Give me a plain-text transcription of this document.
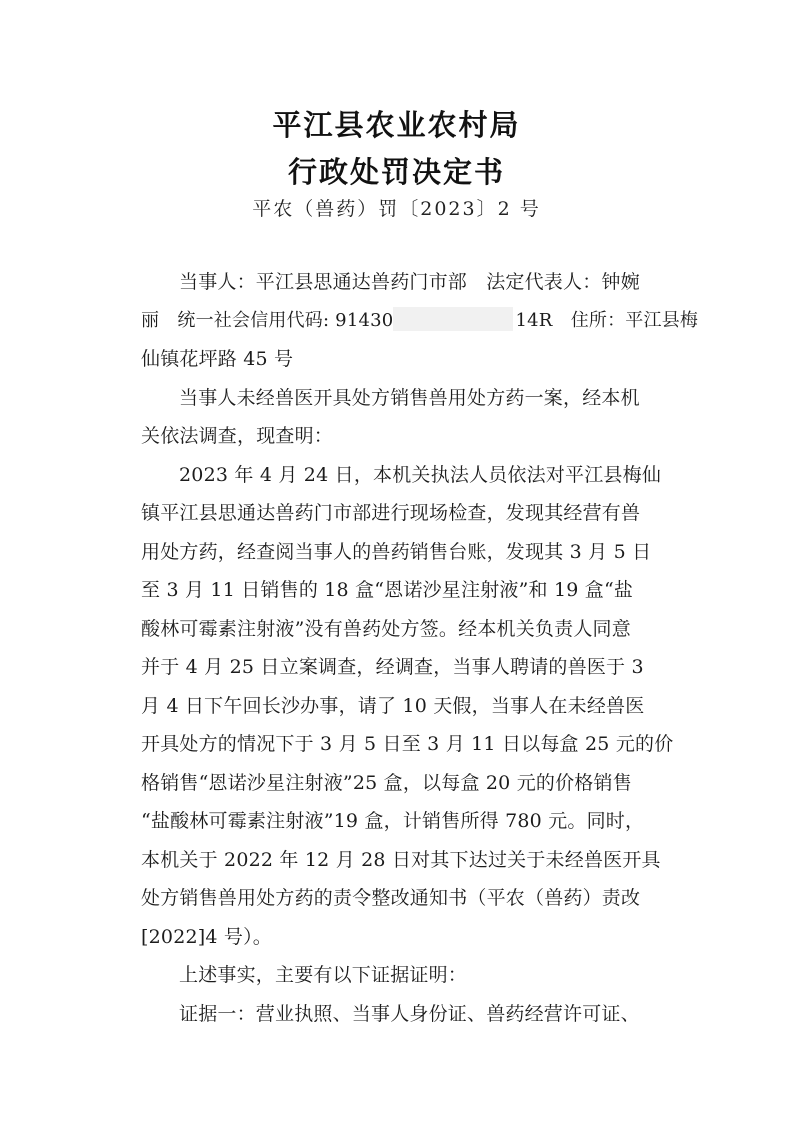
平江县农业农村局
行政处罚决定书
平农（兽药）罚〔2023〕2 号
当事人：平江县思通达兽药门市部　法定代表人：钟婉
丽　统一社会信用代码: 91430	14R　住所：平江县梅
仙镇花坪路 45 号
当事人未经兽医开具处方销售兽用处方药一案，经本机
关依法调查，现查明：
2023 年 4 月 24 日，本机关执法人员依法对平江县梅仙
镇平江县思通达兽药门市部进行现场检查，发现其经营有兽
用处方药，经查阅当事人的兽药销售台账，发现其 3 月 5 日
至 3 月 11 日销售的 18 盒“恩诺沙星注射液”和 19 盒“盐
酸林可霉素注射液”没有兽药处方签。经本机关负责人同意
并于 4 月 25 日立案调查，经调查，当事人聘请的兽医于 3
月 4 日下午回长沙办事，请了 10 天假，当事人在未经兽医
开具处方的情况下于 3 月 5 日至 3 月 11 日以每盒 25 元的价
格销售“恩诺沙星注射液”25 盒，以每盒 20 元的价格销售
“盐酸林可霉素注射液”19 盒，计销售所得 780 元。同时，
本机关于 2022 年 12 月 28 日对其下达过关于未经兽医开具
处方销售兽用处方药的责令整改通知书（平农（兽药）责改
[2022]4 号）。
上述事实，主要有以下证据证明：
证据一：营业执照、当事人身份证、兽药经营许可证、
